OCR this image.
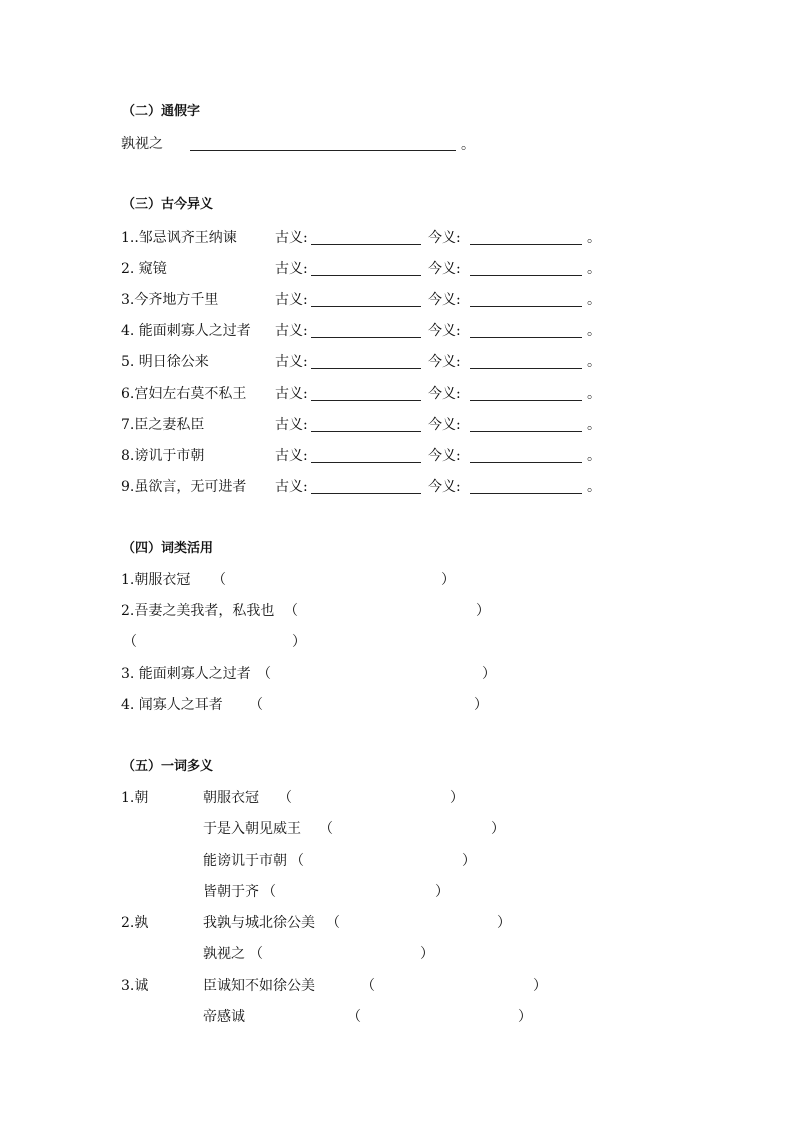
（二）通假字
孰视之	。
（三）古今异义
1..邹忌讽齐王纳谏	古义:	今义:	。
2. 窥镜	古义:	今义:	。
3.今齐地方千里	古义:	今义:	。
4. 能面刺寡人之过者 古义:	今义:	。
5. 明日徐公来	古义:	今义:	。
6.宫妇左右莫不私王 古义:	今义:	。
7.臣之妻私臣	古义:	今义:	。
8.谤讥于市朝	古义:	今义:	。
9.虽欲言，无可进者 古义:	今义:	。
（四）词类活用
1.朝服衣冠 （	）
2.吾妻之美我者，私我也 （	）
（	）
3. 能面刺寡人之过者 （	）
4. 闻寡人之耳者 （	）
（五）一词多义
1.朝	朝服衣冠 （	）
于是入朝见威王 （	）
能谤讥于市朝 （	）
皆朝于齐 （	）
2.孰	我孰与城北徐公美 （	）
孰视之 （	）
3.诚	臣诚知不如徐公美	（	）
帝感诚	（	）
